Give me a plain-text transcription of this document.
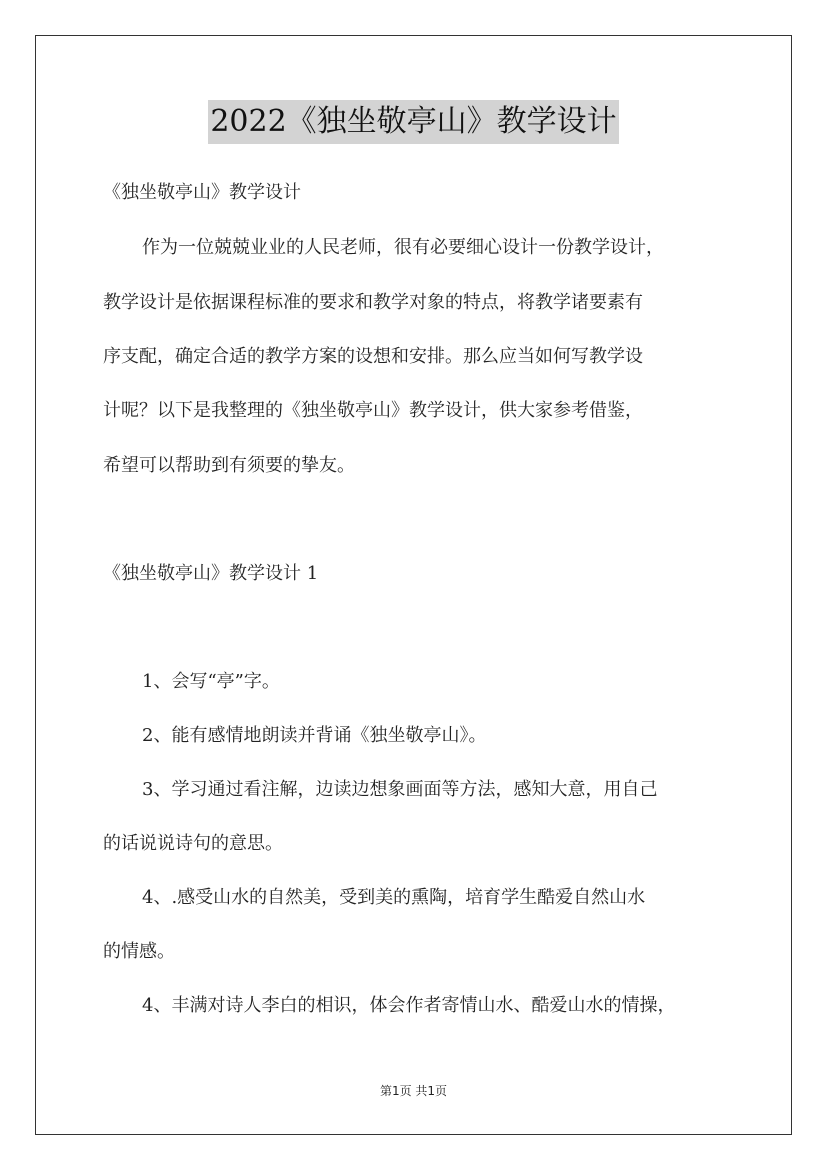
2022《独坐敬亭山》教学设计
《独坐敬亭山》教学设计
作为一位兢兢业业的人民老师，很有必要细心设计一份教学设计，
教学设计是依据课程标准的要求和教学对象的特点，将教学诸要素有
序支配，确定合适的教学方案的设想和安排。那么应当如何写教学设
计呢？以下是我整理的《独坐敬亭山》教学设计，供大家参考借鉴，
希望可以帮助到有须要的挚友。
《独坐敬亭山》教学设计 1
1、会写“亭”字。
2、能有感情地朗读并背诵《独坐敬亭山》。
3、学习通过看注解，边读边想象画面等方法，感知大意，用自己
的话说说诗句的意思。
4、.感受山水的自然美，受到美的熏陶，培育学生酷爱自然山水
的情感。
4、丰满对诗人李白的相识，体会作者寄情山水、酷爱山水的情操，
第1页 共1页
